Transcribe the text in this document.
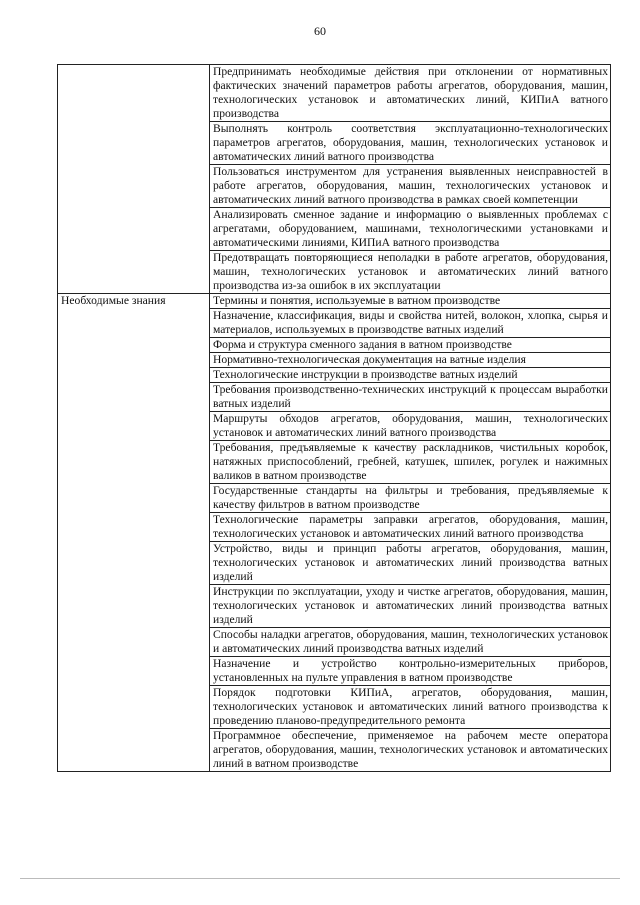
60
	Предпринимать необходимые действия при отклонении от нормативных фактических значений параметров работы агрегатов, оборудования, машин, технологических установок и автоматических линий, КИПиА ватного производства
	Выполнять контроль соответствия эксплуатационно-технологических параметров агрегатов, оборудования, машин, технологических установок и автоматических линий ватного производства
	Пользоваться инструментом для устранения выявленных неисправностей в работе агрегатов, оборудования, машин, технологических установок и автоматических линий ватного производства в рамках своей компетенции
	Анализировать сменное задание и информацию о выявленных проблемах с агрегатами, оборудованием, машинами, технологическими установками и автоматическими линиями, КИПиА ватного производства
	Предотвращать повторяющиеся неполадки в работе агрегатов, оборудования, машин, технологических установок и автоматических линий ватного производства из-за ошибок в их эксплуатации
Необходимые знания	Термины и понятия, используемые в ватном производстве
	Назначение, классификация, виды и свойства нитей, волокон, хлопка, сырья и материалов, используемых в производстве ватных изделий
	Форма и структура сменного задания в ватном производстве
	Нормативно-технологическая документация на ватные изделия
	Технологические инструкции в производстве ватных изделий
	Требования производственно-технических инструкций к процессам выработки ватных изделий
	Маршруты обходов агрегатов, оборудования, машин, технологических установок и автоматических линий ватного производства
	Требования, предъявляемые к качеству раскладников, чистильных коробок, натяжных приспособлений, гребней, катушек, шпилек, рогулек и нажимных валиков в ватном производстве
	Государственные стандарты на фильтры и требования, предъявляемые к качеству фильтров в ватном производстве
	Технологические параметры заправки агрегатов, оборудования, машин, технологических установок и автоматических линий ватного производства
	Устройство, виды и принцип работы агрегатов, оборудования, машин, технологических установок и автоматических линий производства ватных изделий
	Инструкции по эксплуатации, уходу и чистке агрегатов, оборудования, машин, технологических установок и автоматических линий производства ватных изделий
	Способы наладки агрегатов, оборудования, машин, технологических установок и автоматических линий производства ватных изделий
	Назначение и устройство контрольно-измерительных приборов, установленных на пульте управления в ватном производстве
	Порядок подготовки КИПиА, агрегатов, оборудования, машин, технологических установок и автоматических линий ватного производства к проведению планово-предупредительного ремонта
	Программное обеспечение, применяемое на рабочем месте оператора агрегатов, оборудования, машин, технологических установок и автоматических линий в ватном производстве
